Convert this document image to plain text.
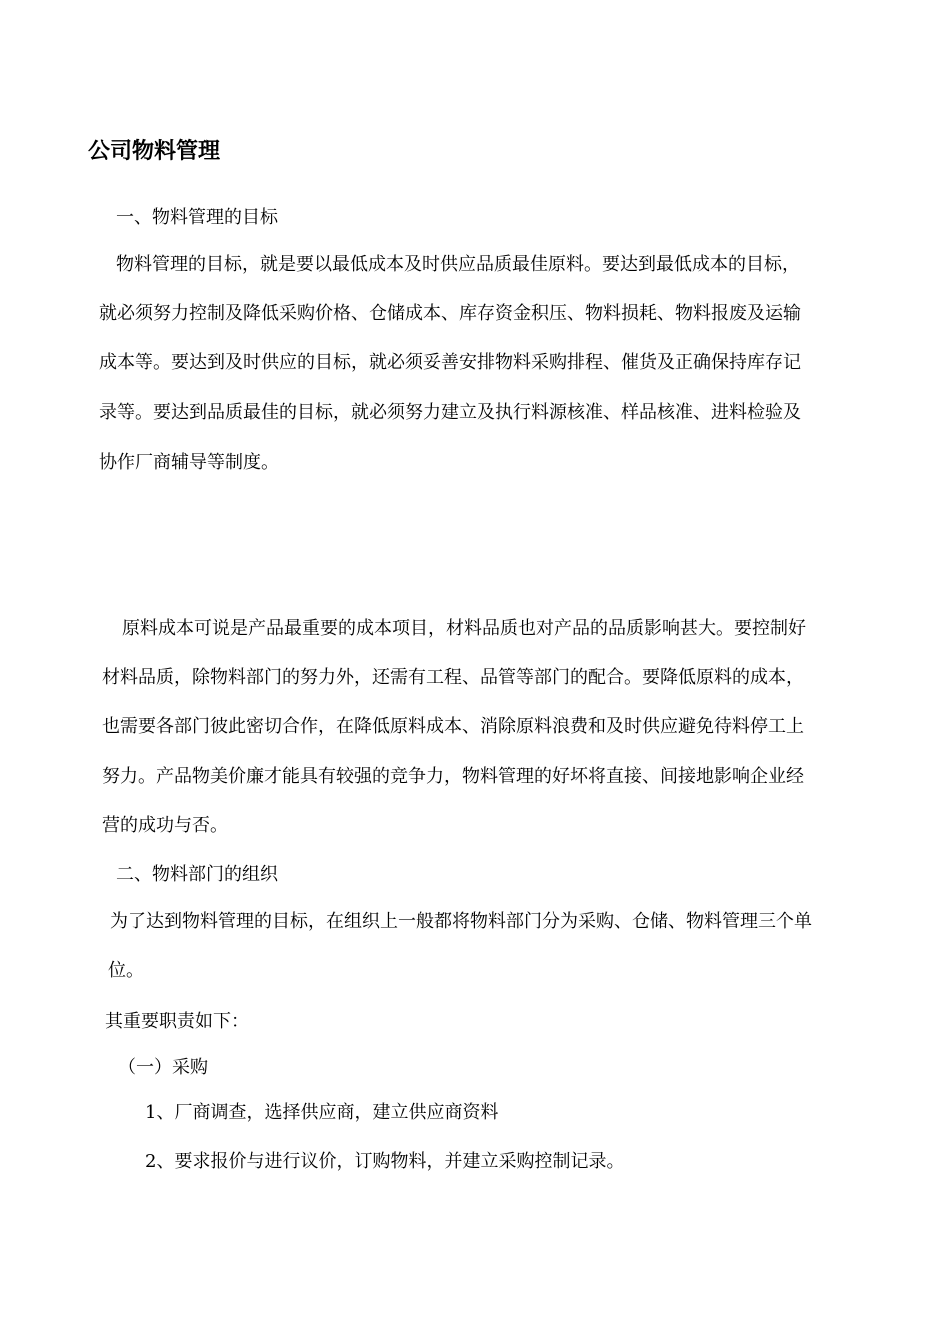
公司物料管理
一、物料管理的目标
物料管理的目标，就是要以最低成本及时供应品质最佳原料。要达到最低成本的目标，
就必须努力控制及降低采购价格、仓储成本、库存资金积压、物料损耗、物料报废及运输
成本等。要达到及时供应的目标，就必须妥善安排物料采购排程、催货及正确保持库存记
录等。要达到品质最佳的目标，就必须努力建立及执行料源核准、样品核准、进料检验及
协作厂商辅导等制度。
原料成本可说是产品最重要的成本项目，材料品质也对产品的品质影响甚大。要控制好
材料品质，除物料部门的努力外，还需有工程、品管等部门的配合。要降低原料的成本，
也需要各部门彼此密切合作，在降低原料成本、消除原料浪费和及时供应避免待料停工上
努力。产品物美价廉才能具有较强的竞争力，物料管理的好坏将直接、间接地影响企业经
营的成功与否。
二、物料部门的组织
为了达到物料管理的目标，在组织上一般都将物料部门分为采购、仓储、物料管理三个单
位。
其重要职责如下：
（一）采购
1、厂商调查，选择供应商，建立供应商资料
2、要求报价与进行议价，订购物料，并建立采购控制记录。
